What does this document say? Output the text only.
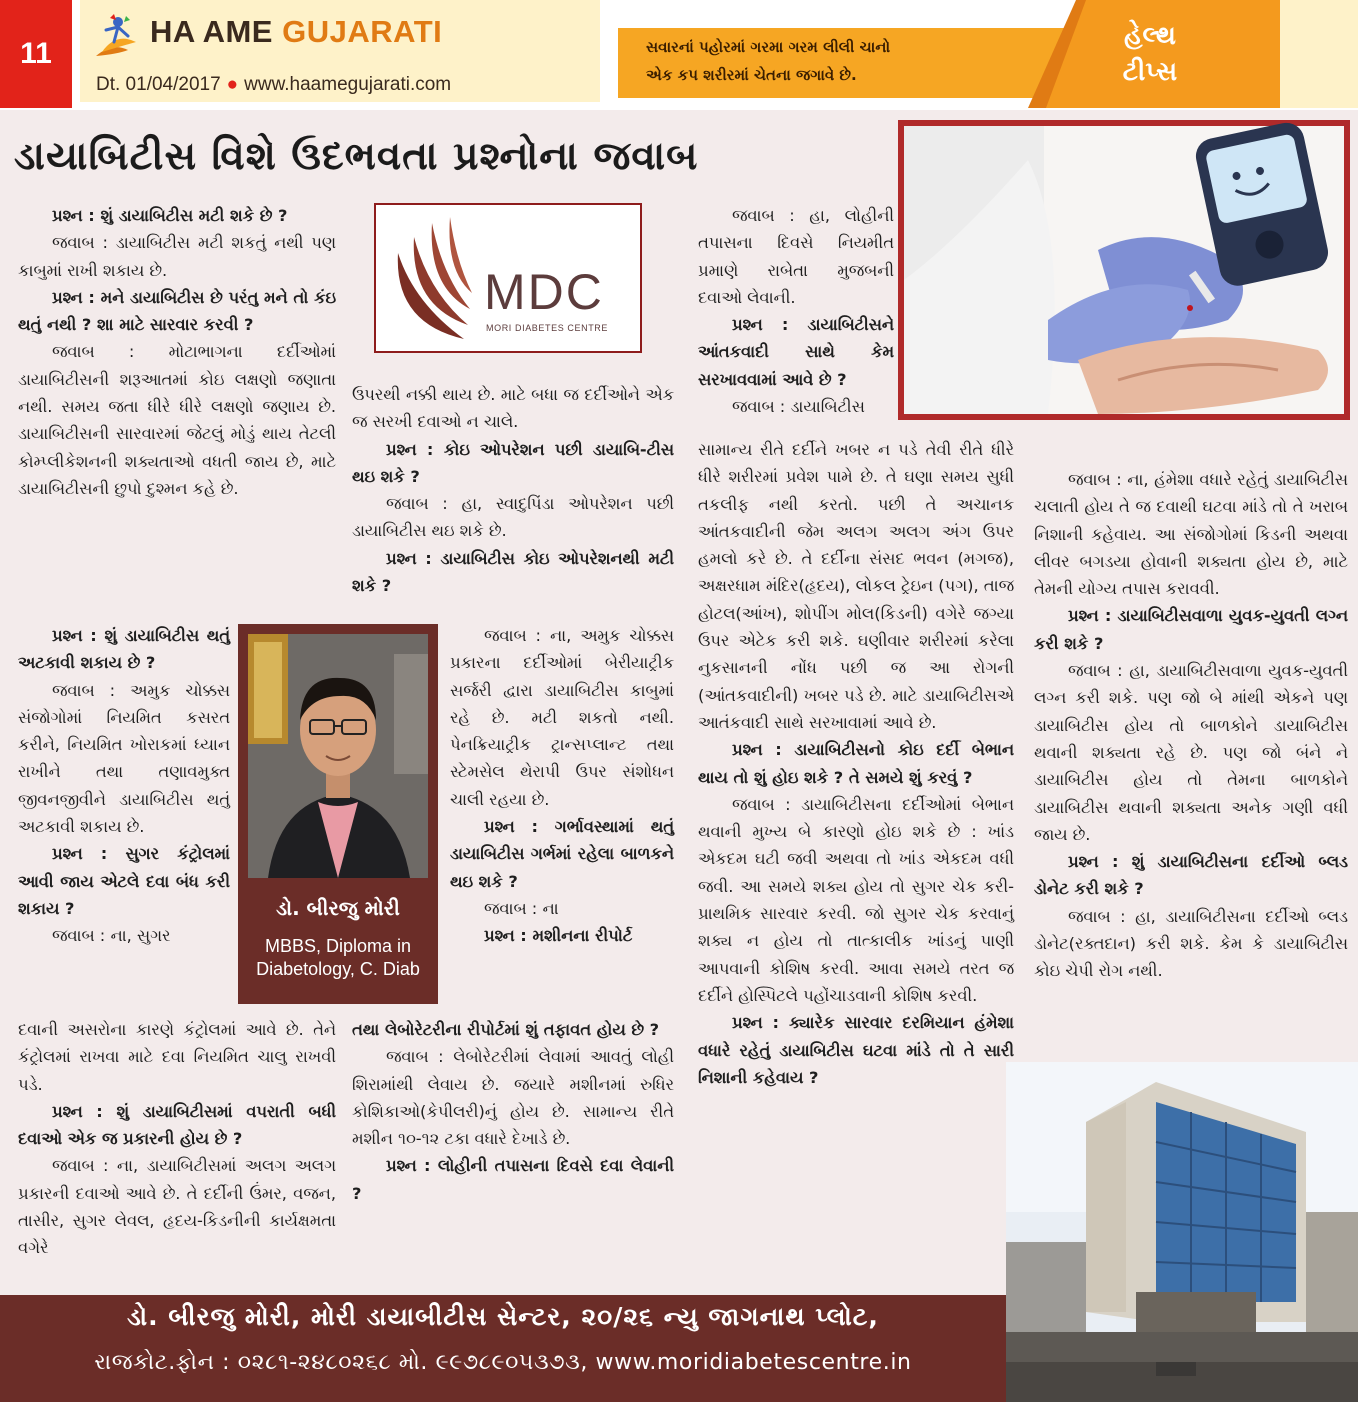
11
HA AME GUJARATI
Dt. 01/04/2017 ● www.haamegujarati.com
સવારનાં પહોરમાં ગરમા ગરમ લીલી ચાનો
એક કપ શરીરમાં ચેતના જગાવે છે.
હેલ્થ
ટીપ્સ
ડાયાબિટીસ વિશે ઉદભવતા પ્રશ્નોના જવાબ

પ્રશ્ન : શું ડાયાબિટીસ મટી શકે છે ?

જવાબ : ડાયાબિટીસ મટી શકતું નથી પણ કાબુમાં રાખી શકાય છે.

પ્રશ્ન : મને ડાયાબિટીસ છે પરંતુ મને તો કંઇ થતું નથી ? શા માટે સારવાર કરવી ?

જવાબ : મોટાભાગના દર્દીઓમાં ડાયાબિટીસની શરૂઆતમાં કોઇ લક્ષણો જણાતા નથી. સમય જતા ધીરે ધીરે લક્ષણો જણાય છે. ડાયાબિટીસની સારવારમાં જેટલું મોડું થાય તેટલી કોમ્પ્લીકેશનની શક્યતાઓ વધતી જાય છે, માટે ડાયાબિટીસની છુપો દુશ્મન કહે છે.

પ્રશ્ન : શું ડાયાબિટીસ થતું અટકાવી શકાય છે ?

જવાબ : અમુક ચોક્કસ સંજોગોમાં નિયમિત કસરત કરીને, નિયમિત ખોરાકમાં ધ્યાન રાખીને તથા તણાવમુક્ત જીવનજીવીને ડાયાબિટીસ થતું અટકાવી શકાય છે.

પ્રશ્ન : સુગર કંટ્રોલમાં આવી જાય એટલે દવા બંધ કરી શકાય ?

જવાબ : ના, સુગર

દવાની અસરોના કારણે કંટ્રોલમાં આવે છે. તેને કંટ્રોલમાં રાખવા માટે દવા નિયમિત ચાલુ રાખવી પડે.

પ્રશ્ન : શું ડાયાબિટીસમાં વપરાતી બધી દવાઓ એક જ પ્રકારની હોય છે ?

જવાબ : ના, ડાયાબિટીસમાં અલગ અલગ પ્રકારની દવાઓ આવે છે. તે દર્દીની ઉંમર, વજન, તાસીર, સુગર લેવલ, હૃદય-કિડનીની કાર્યક્ષમતા વગેરે

MDC
MORI DIABETES CENTRE

ઉપરથી નક્કી થાય છે. માટે બધા જ દર્દીઓને એક જ સરખી દવાઓ ન ચાલે.

પ્રશ્ન : કોઇ ઓપરેશન પછી ડાયાબિ-ટીસ થઇ શકે ?

જવાબ : હા, સ્વાદુપિંડા ઓપરેશન પછી ડાયાબિટીસ થઇ શકે છે.

પ્રશ્ન : ડાયાબિટીસ કોઇ ઓપરેશનથી મટી શકે ?

જવાબ : ના, અમુક ચોક્કસ પ્રકારના દર્દીઓમાં બેરીયાટ્રીક સર્જરી દ્વારા ડાયાબિટીસ કાબુમાં રહે છે. મટી શકતો નથી. પેનક્રિયાટ્રીક ટ્રાન્સપ્લાન્ટ તથા સ્ટેમસેલ થેરાપી ઉપર સંશોધન ચાલી રહયા છે.

પ્રશ્ન : ગર્ભાવસ્થામાં થતું ડાયાબિટીસ ગર્ભમાં રહેલા બાળકને થઇ શકે ?

જવાબ : ના

પ્રશ્ન : મશીનના રીપોર્ટ

તથા લેબોરેટરીના રીપોર્ટમાં શું તફાવત હોય છે ?

જવાબ : લેબોરેટરીમાં લેવામાં આવતું લોહી શિરામાંથી લેવાય છે. જયારે મશીનમાં રુધિર કોશિકાઓ(કેપીલરી)નું હોય છે. સામાન્ય રીતે મશીન ૧૦-૧૨ ટકા વધારે દેખાડે છે.

પ્રશ્ન : લોહીની તપાસના દિવસે દવા લેવાની ?

ડો. બીરજુ મોરી
MBBS, Diploma in Diabetology, C. Diab

જવાબ : હા, લોહીની તપાસના દિવસે નિયમીત પ્રમાણે રાબેતા મુજબની દવાઓ લેવાની.

પ્રશ્ન : ડાયાબિટીસને આંતકવાદી સાથે કેમ સરખાવવામાં આવે છે ?

જવાબ : ડાયાબિટીસ

સામાન્ય રીતે દર્દીને ખબર ન પડે તેવી રીતે ધીરે ધીરે શરીરમાં પ્રવેશ પામે છે. તે ઘણા સમય સુધી તકલીફ નથી કરતો. પછી તે અચાનક આંતકવાદીની જેમ અલગ અલગ અંગ ઉપર હમલો કરે છે. તે દર્દીના સંસદ ભવન (મગજ), અક્ષરધામ મંદિર(હૃદય), લોકલ ટ્રેઇન (પગ), તાજ હોટલ(આંખ), શોપીંગ મોલ(કિડની) વગેરે જગ્યા ઉપર એટેક કરી શકે. ઘણીવાર શરીરમાં કરેલા નુકસાનની નોંધ પછી જ આ રોગની (આંતકવાદીની) ખબર પડે છે. માટે ડાયાબિટીસએ આતંકવાદી સાથે સરખાવામાં આવે છે.

પ્રશ્ન : ડાયાબિટીસનો કોઇ દર્દી બેભાન થાય તો શું હોઇ શકે ? તે સમયે શું કરવું ?

જવાબ : ડાયાબિટીસના દર્દીઓમાં બેભાન થવાની મુખ્ય બે કારણો હોઇ શકે છે : ખાંડ એકદમ ઘટી જવી અથવા તો ખાંડ એકદમ વધી જવી. આ સમયે શક્ય હોય તો સુગર ચેક કરી-પ્રાથમિક સારવાર કરવી. જો સુગર ચેક કરવાનું શક્ય ન હોય તો તાત્કાલીક ખાંડનું પાણી આપવાની કોશિષ કરવી. આવા સમયે તરત જ દર્દીને હોસ્પિટલે પહોંચાડવાની કોશિષ કરવી.

પ્રશ્ન : ક્યારેક સારવાર દરમિયાન હંમેશા વધારે રહેતું ડાયાબિટીસ ઘટવા માંડે તો તે સારી નિશાની કહેવાય ?

જવાબ : ના, હંમેશા વધારે રહેતું ડાયાબિટીસ ચલાતી હોય તે જ દવાથી ઘટવા માંડે તો તે ખરાબ નિશાની કહેવાય. આ સંજોગોમાં કિડની અથવા લીવર બગડયા હોવાની શક્યતા હોય છે, માટે તેમની યોગ્ય તપાસ કરાવવી.

પ્રશ્ન : ડાયાબિટીસવાળા યુવક-યુવતી લગ્ન કરી શકે ?

જવાબ : હા, ડાયાબિટીસવાળા યુવક-યુવતી લગ્ન કરી શકે. પણ જો બે માંથી એકને પણ ડાયાબિટીસ હોય તો બાળકોને ડાયાબિટીસ થવાની શક્યતા રહે છે. પણ જો બંને ને ડાયાબિટીસ હોય તો તેમના બાળકોને ડાયાબિટીસ થવાની શક્યતા અનેક ગણી વધી જાય છે.

પ્રશ્ન : શું ડાયાબિટીસના દર્દીઓ બ્લડ ડોનેટ કરી શકે ?

જવાબ : હા, ડાયાબિટીસના દર્દીઓ બ્લડ ડોનેટ(રક્તદાન) કરી શકે. કેમ કે ડાયાબિટીસ કોઇ ચેપી રોગ નથી.

ડો. બીરજુ મોરી, મોરી ડાયાબીટીસ સેન્ટર, ૨૦/૨૬ ન્યુ જાગનાથ પ્લોટ,
રાજકોટ.ફોન : ૦૨૮૧-૨૪૮૦૨૬૮ મો. ૯૯૭૮૯૦૫૩૭૩, www.moridiabetescentre.in
